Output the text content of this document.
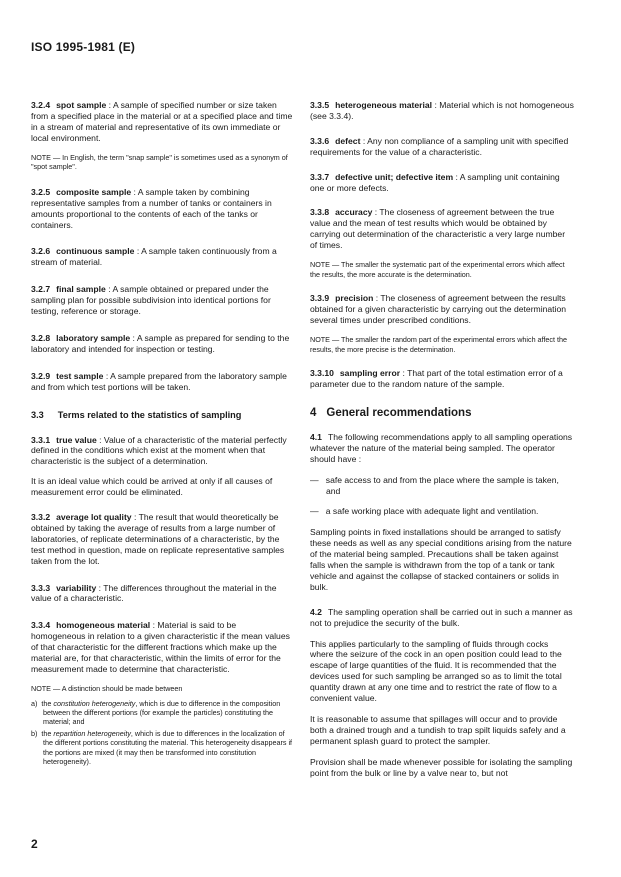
ISO 1995-1981 (E)

3.2.4 spot sample : A sample of specified number or size taken from a specified place in the material or at a specified place and time in a stream of material and representative of its own immediate or local environment.

NOTE — In English, the term "snap sample" is sometimes used as a synonym of "spot sample".

3.2.5 composite sample : A sample taken by combining representative samples from a number of tanks or containers in amounts proportional to the contents of each of the tanks or containers.

3.2.6 continuous sample : A sample taken continuously from a stream of material.

3.2.7 final sample : A sample obtained or prepared under the sampling plan for possible subdivision into identical portions for testing, reference or storage.

3.2.8 laboratory sample : A sample as prepared for sending to the laboratory and intended for inspection or testing.

3.2.9 test sample : A sample prepared from the laboratory sample and from which test portions will be taken.

3.3 Terms related to the statistics of sampling

3.3.1 true value : Value of a characteristic of the material perfectly defined in the conditions which exist at the moment when that characteristic is the subject of a determination.

It is an ideal value which could be arrived at only if all causes of measurement error could be eliminated.

3.3.2 average lot quality : The result that would theoretically be obtained by taking the average of results from a large number of laboratories, of replicate determinations of a characteristic, by the test method in question, made on replicate representative samples taken from the lot.

3.3.3 variability : The differences throughout the material in the value of a characteristic.

3.3.4 homogeneous material : Material is said to be homogeneous in relation to a given characteristic if the mean values of that characteristic for the different fractions which make up the material are, for that characteristic, within the limits of error for the measurement made to determine that characteristic.

NOTE — A distinction should be made between

a) the constitution heterogeneity, which is due to difference in the composition between the different portions (for example the particles) constituting the material; and

b) the repartition heterogeneity, which is due to differences in the localization of the different portions constituting the material. This heterogeneity disappears if the portions are mixed (it may then be transformed into constitution heterogeneity).

3.3.5 heterogeneous material : Material which is not homogeneous (see 3.3.4).

3.3.6 defect : Any non compliance of a sampling unit with specified requirements for the value of a characteristic.

3.3.7 defective unit; defective item : A sampling unit containing one or more defects.

3.3.8 accuracy : The closeness of agreement between the true value and the mean of test results which would be obtained by carrying out determination of the characteristic a very large number of times.

NOTE — The smaller the systematic part of the experimental errors which affect the results, the more accurate is the determination.

3.3.9 precision : The closeness of agreement between the results obtained for a given characteristic by carrying out the determination several times under prescribed conditions.

NOTE — The smaller the random part of the experimental errors which affect the results, the more precise is the determination.

3.3.10 sampling error : That part of the total estimation error of a parameter due to the random nature of the sample.

4 General recommendations

4.1 The following recommendations apply to all sampling operations whatever the nature of the material being sampled. The operator should have :

— safe access to and from the place where the sample is taken, and

— a safe working place with adequate light and ventilation.

Sampling points in fixed installations should be arranged to satisfy these needs as well as any special conditions arising from the nature of the material being sampled. Precautions shall be taken against falls when the sample is withdrawn from the top of a tank or tank vehicle and against the collapse of stacked containers or solids in bulk.

4.2 The sampling operation shall be carried out in such a manner as not to prejudice the security of the bulk.

This applies particularly to the sampling of fluids through cocks where the seizure of the cock in an open position could lead to the escape of large quantities of the fluid. It is recommended that the devices used for such sampling be arranged so as to limit the total quantity drawn at any one time and to restrict the rate of flow to a convenient value.

It is reasonable to assume that spillages will occur and to provide both a drained trough and a tundish to trap spilt liquids safely and a permanent splash guard to protect the sampler.

Provision shall be made whenever possible for isolating the sampling point from the bulk or line by a valve near to, but not

2
